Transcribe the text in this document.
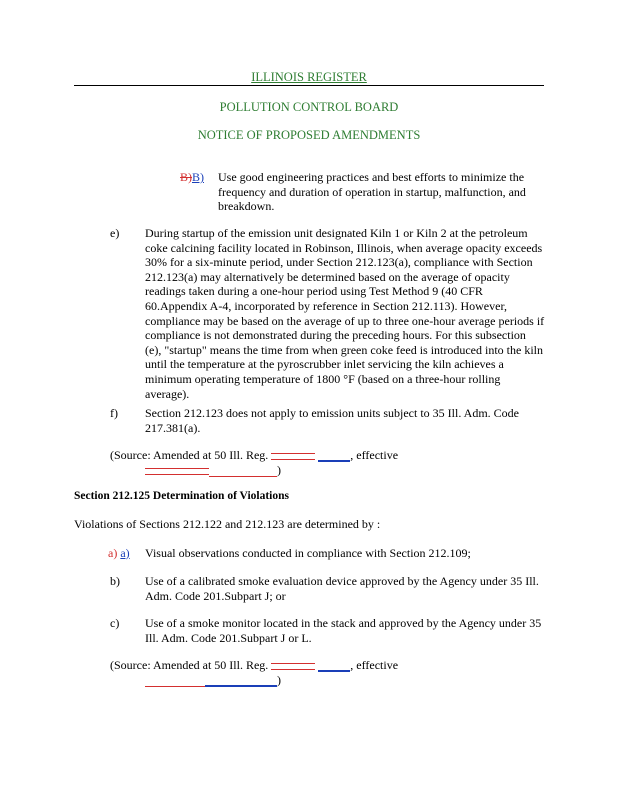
ILLINOIS REGISTER
POLLUTION CONTROL BOARD
NOTICE OF PROPOSED AMENDMENTS
B)B) Use good engineering practices and best efforts to minimize the frequency and duration of operation in startup, malfunction, and breakdown.
e) During startup of the emission unit designated Kiln 1 or Kiln 2 at the petroleum coke calcining facility located in Robinson, Illinois, when average opacity exceeds 30% for a six-minute period, under Section 212.123(a), compliance with Section 212.123(a) may alternatively be determined based on the average of opacity readings taken during a one-hour period using Test Method 9 (40 CFR 60.Appendix A-4, incorporated by reference in Section 212.113). However, compliance may be based on the average of up to three one-hour average periods if compliance is not demonstrated during the preceding hours. For this subsection (e), "startup" means the time from when green coke feed is introduced into the kiln until the temperature at the pyroscrubber inlet servicing the kiln achieves a minimum operating temperature of 1800 °F (based on a three-hour rolling average).
f) Section 212.123 does not apply to emission units subject to 35 Ill. Adm. Code 217.381(a).
(Source: Amended at 50 Ill. Reg.	, effective
)
Section 212.125 Determination of Violations
Violations of Sections 212.122 and 212.123 are determined by :
a) a) Visual observations conducted in compliance with Section 212.109;
b) Use of a calibrated smoke evaluation device approved by the Agency under 35 Ill. Adm. Code 201.Subpart J; or
c) Use of a smoke monitor located in the stack and approved by the Agency under 35 Ill. Adm. Code 201.Subpart J or L.
(Source: Amended at 50 Ill. Reg.	, effective
)
